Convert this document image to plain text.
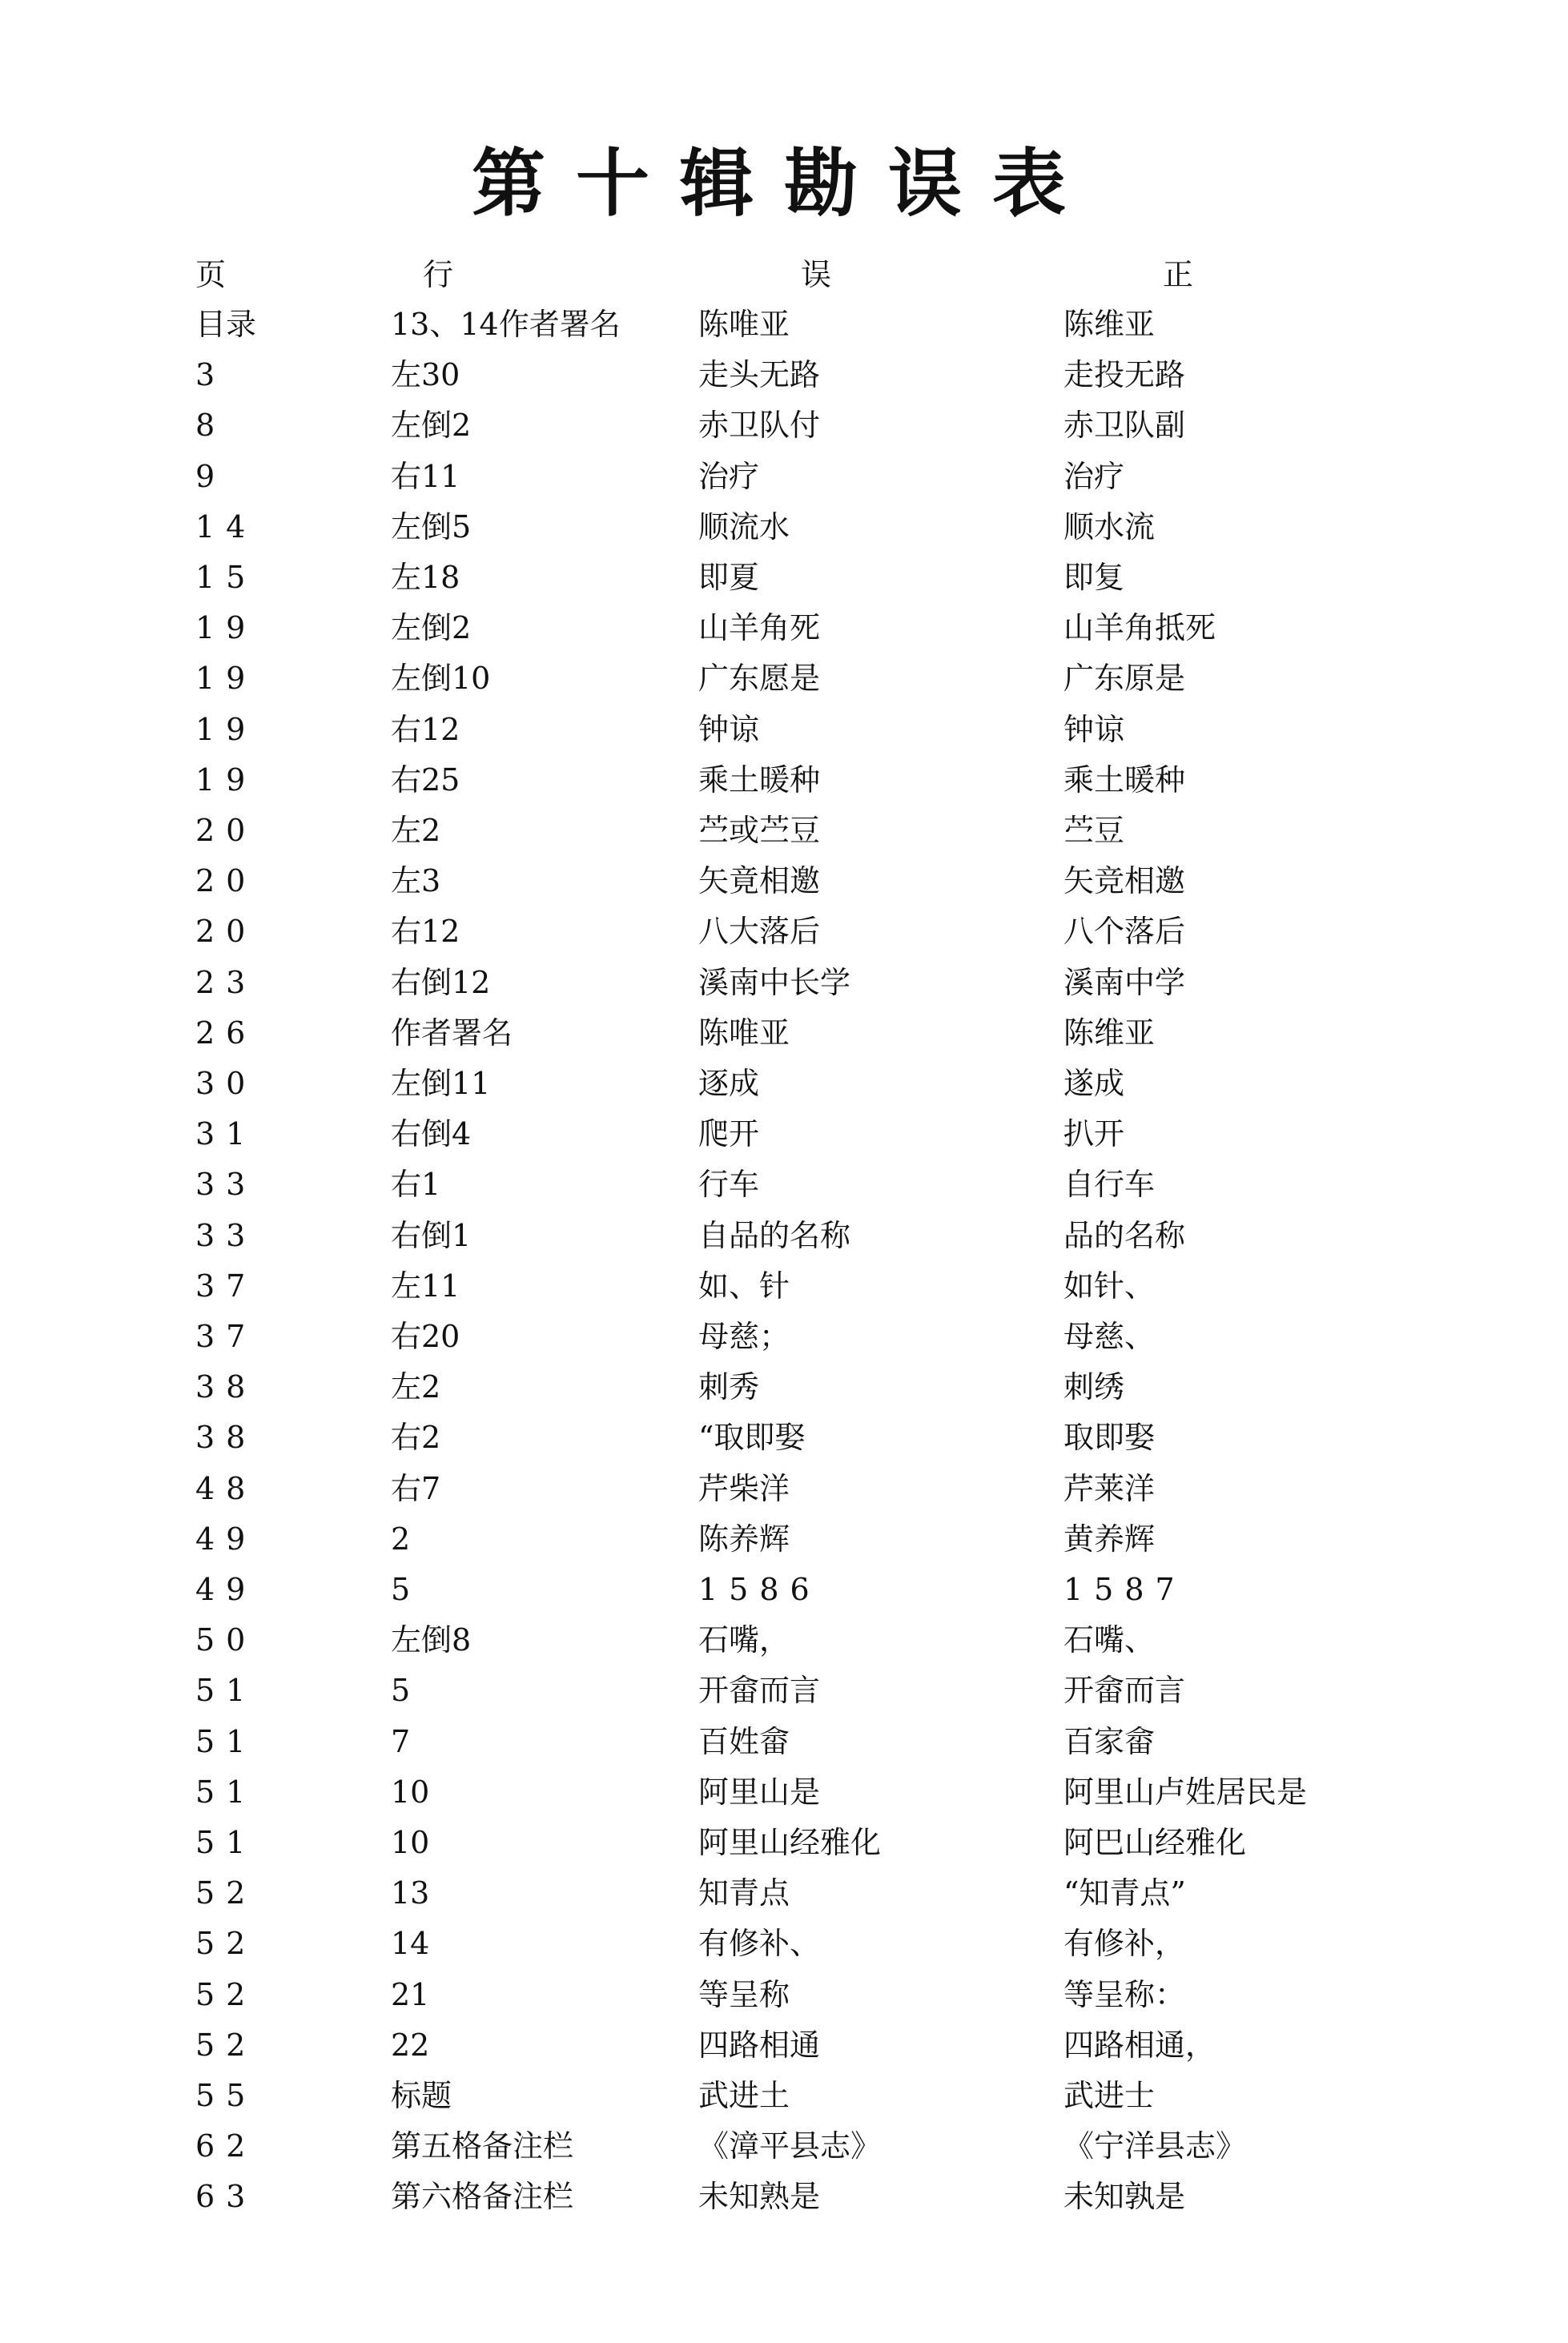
第十辑勘误表
页	行	误	正
目录	13、14作者署名	陈唯亚	陈维亚
3	左30	走头无路	走投无路
8	左倒2	赤卫队付	赤卫队副
9	右11	治疗	治疗
14	左倒5	顺流水	顺水流
15	左18	即夏	即复
19	左倒2	山羊角死	山羊角抵死
19	左倒10	广东愿是	广东原是
19	右12	钟谅	钟谅
19	右25	乘土暖种	乘土暖种
20	左2	苎或苎豆	苎豆
20	左3	矢竟相邀	矢竞相邀
20	右12	八大落后	八个落后
23	右倒12	溪南中长学	溪南中学
26	作者署名	陈唯亚	陈维亚
30	左倒11	逐成	遂成
31	右倒4	爬开	扒开
33	右1	行车	自行车
33	右倒1	自品的名称	品的名称
37	左11	如、针	如针、
37	右20	母慈；	母慈、
38	左2	刺秀	刺绣
38	右2	“取即娶	取即娶
48	右7	芹柴洋	芹莱洋
49	2	陈养辉	黄养辉
49	5	1586	1587
50	左倒8	石嘴，	石嘴、
51	5	开畲而言	开畲而言
51	7	百姓畲	百家畲
51	10	阿里山是	阿里山卢姓居民是
51	10	阿里山经雅化	阿巴山经雅化
52	13	知青点	“知青点”
52	14	有修补、	有修补，
52	21	等呈称	等呈称：
52	22	四路相通	四路相通，
55	标题	武进土	武进士
62	第五格备注栏	《漳平县志》	《宁洋县志》
63	第六格备注栏	未知熟是	未知孰是
